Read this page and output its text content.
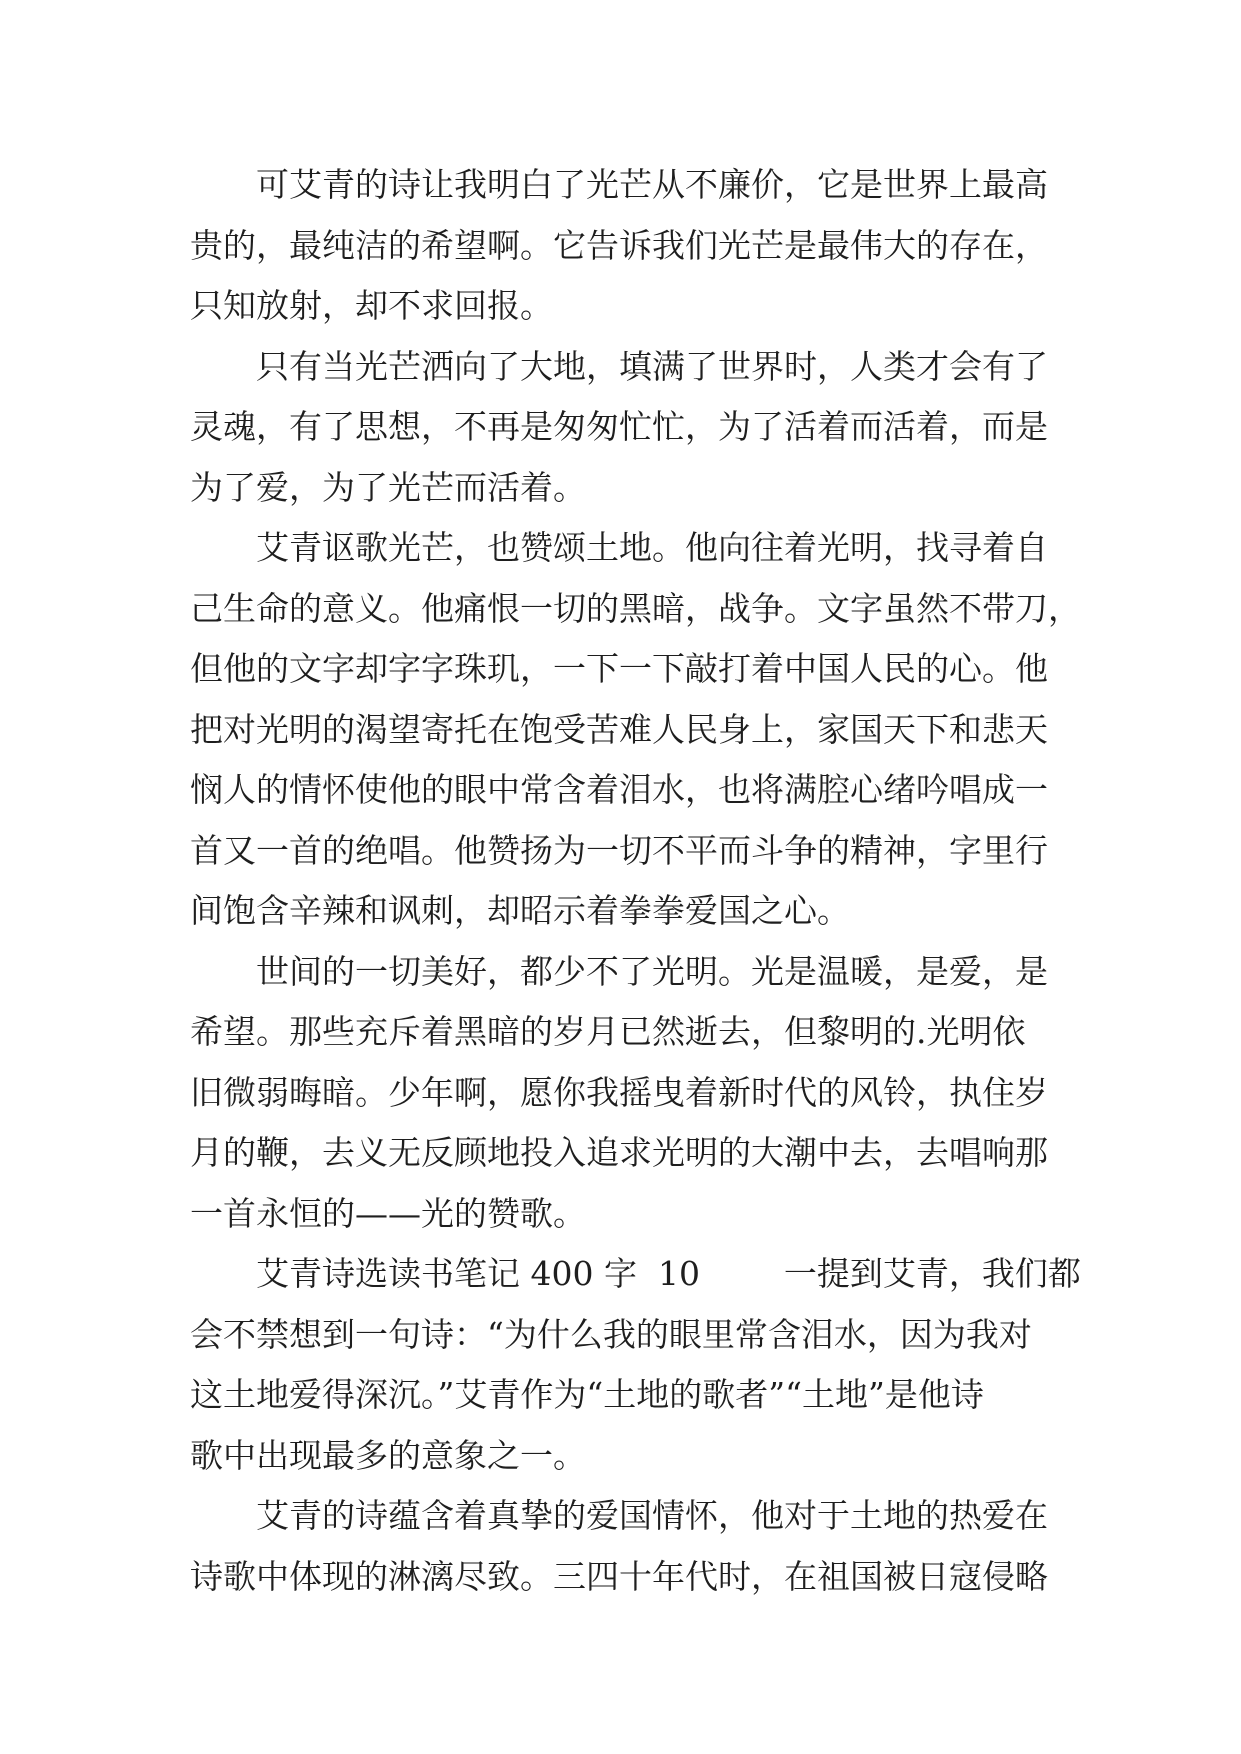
可艾青的诗让我明白了光芒从不廉价，它是世界上最高
贵的，最纯洁的希望啊。它告诉我们光芒是最伟大的存在，
只知放射，却不求回报。
只有当光芒洒向了大地，填满了世界时，人类才会有了
灵魂，有了思想，不再是匆匆忙忙，为了活着而活着，而是
为了爱，为了光芒而活着。
艾青讴歌光芒，也赞颂土地。他向往着光明，找寻着自
己生命的意义。他痛恨一切的黑暗，战争。文字虽然不带刀，
但他的文字却字字珠玑，一下一下敲打着中国人民的心。他
把对光明的渴望寄托在饱受苦难人民身上，家国天下和悲天
悯人的情怀使他的眼中常含着泪水，也将满腔心绪吟唱成一
首又一首的绝唱。他赞扬为一切不平而斗争的精神，字里行
间饱含辛辣和讽刺，却昭示着拳拳爱国之心。
世间的一切美好，都少不了光明。光是温暖，是爱，是
希望。那些充斥着黑暗的岁月已然逝去，但黎明的.光明依
旧微弱晦暗。少年啊，愿你我摇曳着新时代的风铃，执住岁
月的鞭，去义无反顾地投入追求光明的大潮中去，去唱响那
一首永恒的——光的赞歌。
艾青诗选读书笔记 400 字  10        一提到艾青，我们都
会不禁想到一句诗：“为什么我的眼里常含泪水，因为我对
这土地爱得深沉。”艾青作为“土地的歌者”“土地”是他诗
歌中出现最多的意象之一。
艾青的诗蕴含着真挚的爱国情怀，他对于土地的热爱在
诗歌中体现的淋漓尽致。三四十年代时，在祖国被日寇侵略
